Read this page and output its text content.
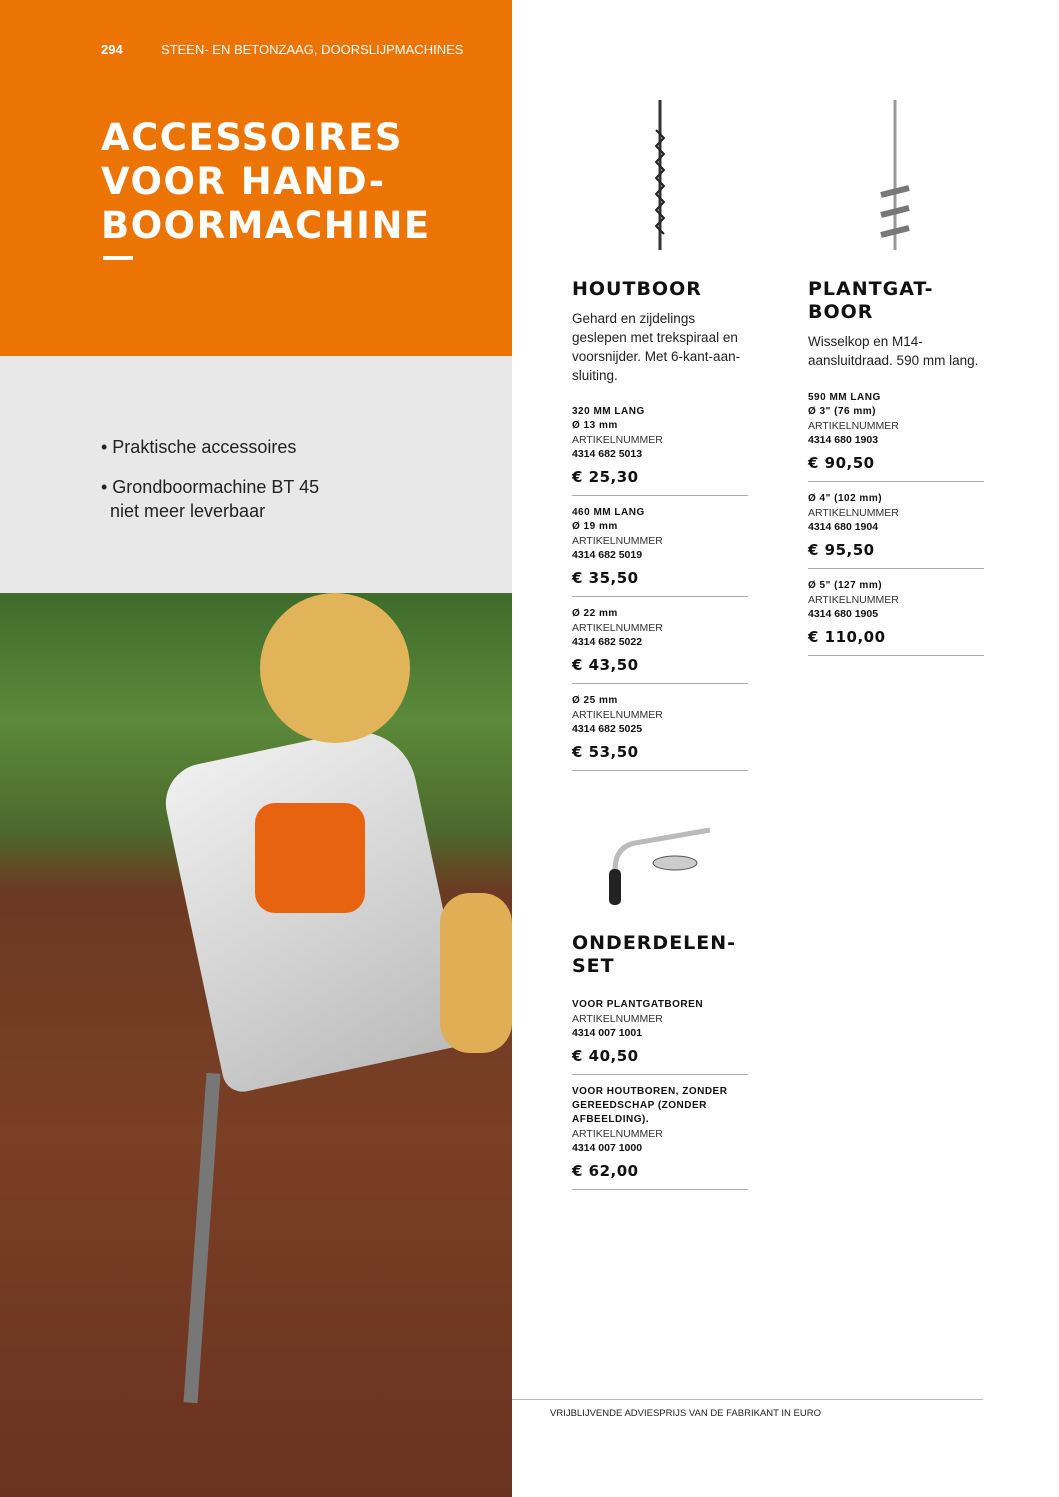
294	STEEN- EN BETONZAAG, DOORSLIJPMACHINES
ACCESSOIRES
VOOR HAND-
BOORMACHINE
• Praktische accessoires
• Grondboormachine BT 45
niet meer leverbaar
HOUTBOOR
Gehard en zijdelings geslepen met trekspiraal en voorsnijder. Met 6-kant-aan-sluiting.
320 MM LANG
Ø 13 mm
ARTIKELNUMMER
4314 682 5013
€ 25,30
460 MM LANG
Ø 19 mm
ARTIKELNUMMER
4314 682 5019
€ 35,50
Ø 22 mm
ARTIKELNUMMER
4314 682 5022
€ 43,50
Ø 25 mm
ARTIKELNUMMER
4314 682 5025
€ 53,50
PLANTGAT-
BOOR
Wisselkop en M14-aansluitdraad. 590 mm lang.
590 MM LANG
Ø 3" (76 mm)
ARTIKELNUMMER
4314 680 1903
€ 90,50
Ø 4" (102 mm)
ARTIKELNUMMER
4314 680 1904
€ 95,50
Ø 5" (127 mm)
ARTIKELNUMMER
4314 680 1905
€ 110,00
ONDERDELEN-
SET
VOOR PLANTGATBOREN
ARTIKELNUMMER
4314 007 1001
€ 40,50
VOOR HOUTBOREN, ZONDER GEREEDSCHAP (ZONDER AFBEELDING).
ARTIKELNUMMER
4314 007 1000
€ 62,00
VRIJBLIJVENDE ADVIESPRIJS VAN DE FABRIKANT IN EURO
